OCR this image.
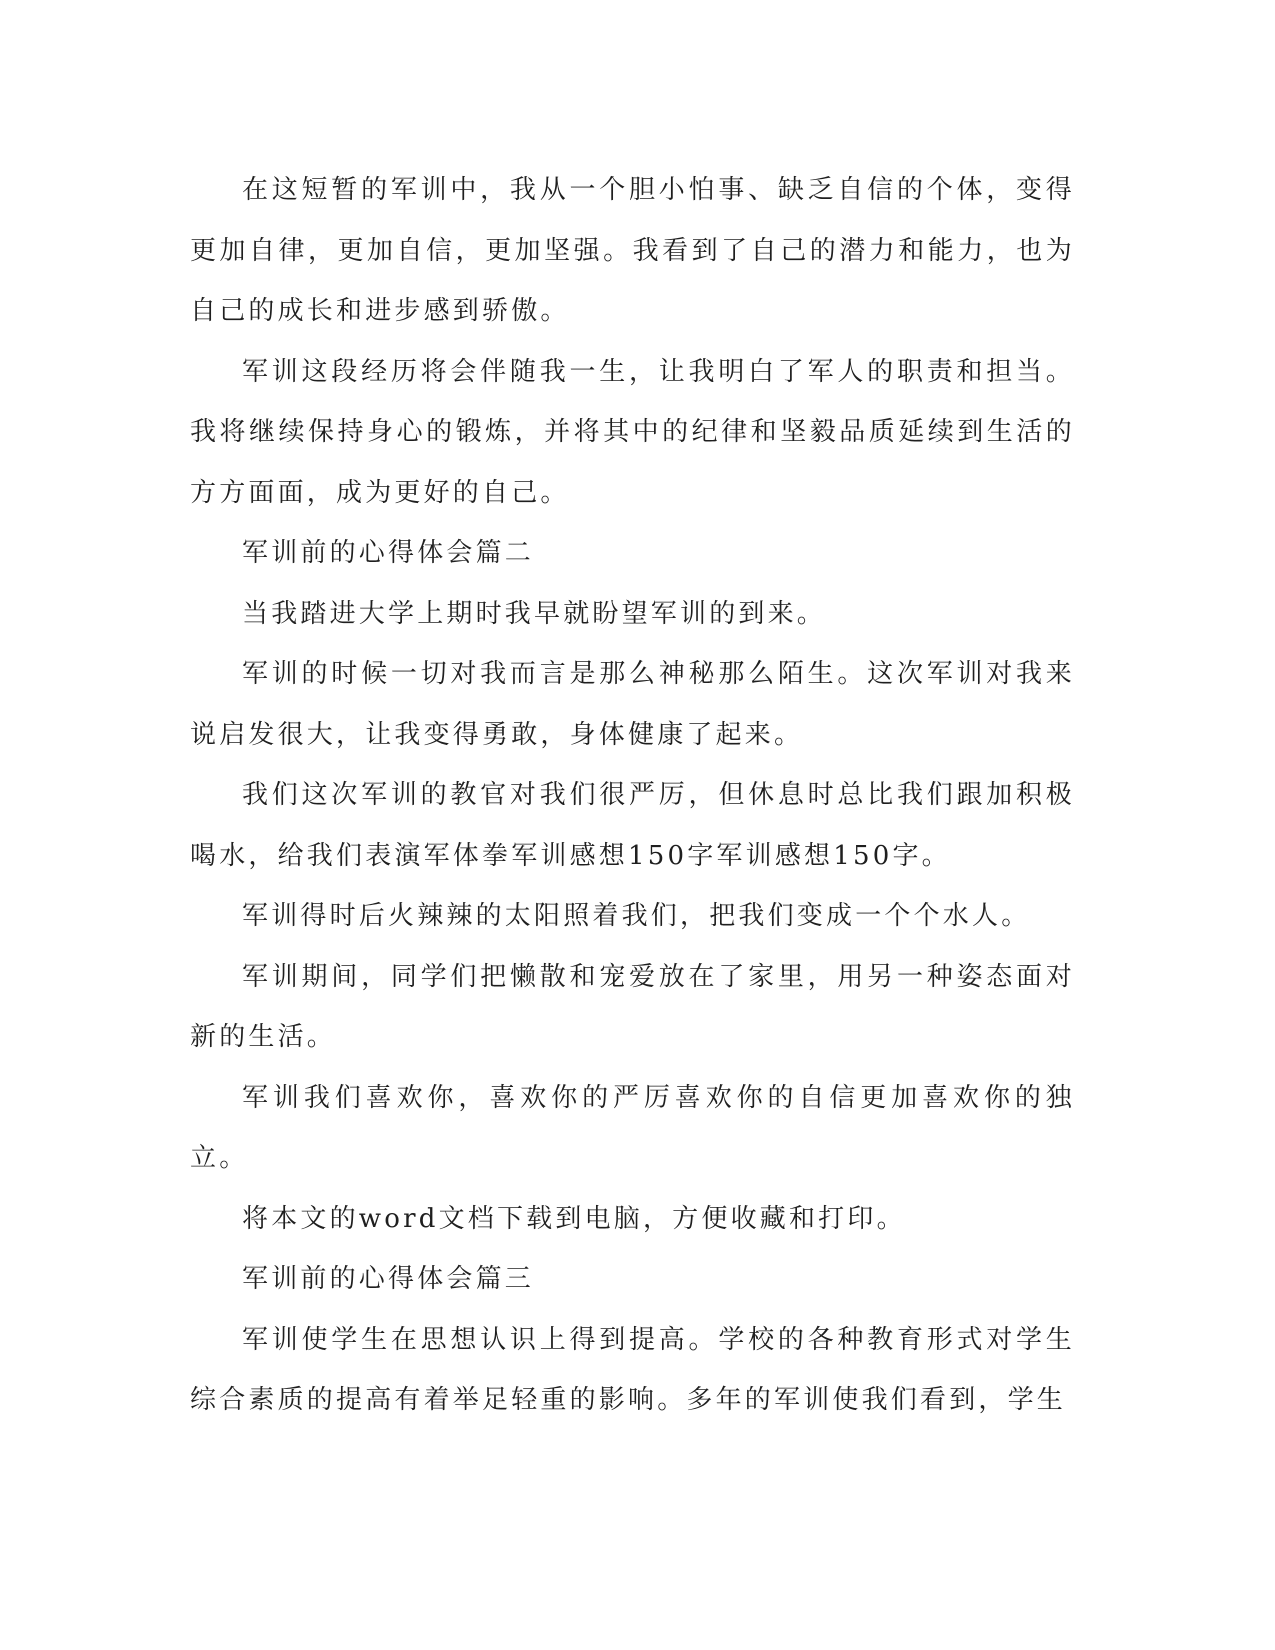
在这短暂的军训中，我从一个胆小怕事、缺乏自信的个体，变得更加自律，更加自信，更加坚强。我看到了自己的潜力和能力，也为自己的成长和进步感到骄傲。

军训这段经历将会伴随我一生，让我明白了军人的职责和担当。我将继续保持身心的锻炼，并将其中的纪律和坚毅品质延续到生活的方方面面，成为更好的自己。

军训前的心得体会篇二

当我踏进大学上期时我早就盼望军训的到来。

军训的时候一切对我而言是那么神秘那么陌生。这次军训对我来说启发很大，让我变得勇敢，身体健康了起来。

我们这次军训的教官对我们很严厉，但休息时总比我们跟加积极喝水，给我们表演军体拳军训感想150字军训感想150字。

军训得时后火辣辣的太阳照着我们，把我们变成一个个水人。

军训期间，同学们把懒散和宠爱放在了家里，用另一种姿态面对新的生活。

军训我们喜欢你，喜欢你的严厉喜欢你的自信更加喜欢你的独立。

将本文的word文档下载到电脑，方便收藏和打印。

军训前的心得体会篇三

军训使学生在思想认识上得到提高。学校的各种教育形式对学生综合素质的提高有着举足轻重的影响。多年的军训使我们看到，学生
